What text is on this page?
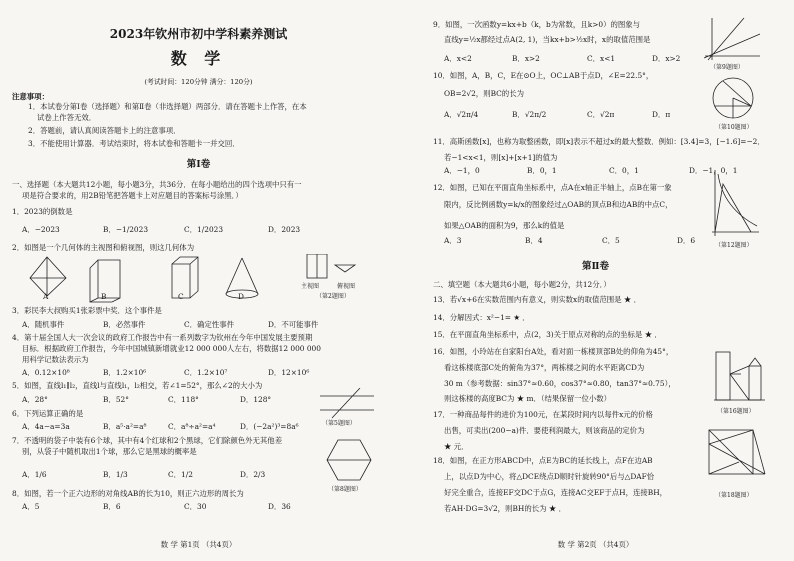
2023年钦州市初中学科素养测试
数 学
(考试时间：120分钟 满分：120分)
注意事项：
1．本试卷分第Ⅰ卷（选择题）和第Ⅱ卷（非选择题）两部分．请在答题卡上作答，在本
试卷上作答无效．
2．答题前，请认真阅读答题卡上的注意事项．
3．不能使用计算器．考试结束时，将本试卷和答题卡一并交回．
第Ⅰ卷
一、选择题（本大题共12小题，每小题3分，共36分．在每小题给出的四个选项中只有一
项是符合要求的，用2B铅笔把答题卡上对应题目的答案标号涂黑．）
1．2023的倒数是
A．−2023	B．−1/2023	C．1/2023	D．2023
2．如图是一个几何体的主视图和俯视图，则这几何体为
A	B	C	D
主视图	俯视图
（第2题图）
3．彩民李大叔购买1张彩票中奖．这个事件是
A．随机事件	B．必然事件	C．确定性事件	D．不可能事件
4．第十届全国人大一次会议的政府工作报告中有一系列数字为钦州在今年中国发展主要预期
目标．根据政府工作报告，今年中国城镇新增就业12 000 000人左右，将数据12 000 000
用科学记数法表示为
A．0.12×10⁸	B．1.2×10⁶	C．1.2×10⁷	D．12×10⁶
5．如图，直线l₁∥l₂，直线l与直线l₁，l₂相交，若∠1=52°，那么∠2的大小为
A．28°	B．52°	C．118°	D．128°
（第5题图）
6．下列运算正确的是
A．4a−a=3a	B．a⁵·a²=a⁸	C．a⁸÷a²=a⁴	D．(−2a²)³=8a⁶
7．不透明的袋子中装有6个球，其中有4个红球和2个黑球，它们除颜色外无其他差
别，从袋子中随机取出1个球，那么它是黑球的概率是
A．1/6	B．1/3	C．1/2	D．2/3
（第8题图）
8．如图，若一个正六边形的对角线AB的长为10，则正六边形的周长为
A．5	B．6	C．30	D．36
数 学 第1页 （共4页）
9．如图，一次函数y=kx+b（k，b为常数，且k>0）的图象与
直线y=½x都经过点A(2, 1)，当kx+b>½x时，x的取值范围是
A．x<2	B．x>2	C．x<1	D．x>2
（第9题图）
10．如图，A，B，C，E在⊙O上，OC⊥AB于点D，∠E=22.5°，
OB=2√2，则BC的长为
A．√2π/4	B．√2π/2	C．√2π	D．π
（第10题图）
11．高斯函数[x]，也称为取整函数，即[x]表示不超过x的最大整数．例如：[3.4]=3，[−1.6]=−2．
若−1<x<1，则[x]+[x+1]的值为
A．−1，0	B．0，1	C．0，1	D．−1，0，1
12．如图，已知在平面直角坐标系中，点A在x轴正半轴上，点B在第一象
限内，反比例函数y=k/x的图象经过△OAB的顶点B和边AB的中点C，
如果△OAB的面积为9，那么k的值是
A．3	B．4	C．5	D．6
（第12题图）
第Ⅱ卷
二、填空题（本大题共6小题，每小题2分，共12分．）
13．若√x+6在实数范围内有意义，则实数x的取值范围是 ★ ．
14．分解因式：x²−1= ★ ．
15．在平面直角坐标系中，点(2，3)关于原点对称的点的坐标是 ★ ．
16．如图，小玲站在自家阳台A处，看对面一栋楼顶部B处的仰角为45°，
看这栋楼底部C处的俯角为37°，两栋楼之间的水平距离CD为
30 m（参考数据：sin37°≈0.60，cos37°≈0.80，tan37°≈0.75），
则这栋楼的高度BC为 ★ m．（结果保留一位小数）
（第16题图）
17．一种商品每件的进价为100元，在某段时间内以每件x元的价格
出售，可卖出(200−a)件．要使利润最大，则该商品的定价为
★ 元．
18．如图，在正方形ABCD中，点E为BC的延长线上，点F在边AB
上，以点D为中心，将△DCE绕点D顺时针旋转90°后与△DAF恰
好完全重合，连接EF交DC于点G，连接AC交EF于点H，连接BH，
若AH·DG=3√2，则BH的长为 ★ ．
（第18题图）
数 学 第2页 （共4页）
